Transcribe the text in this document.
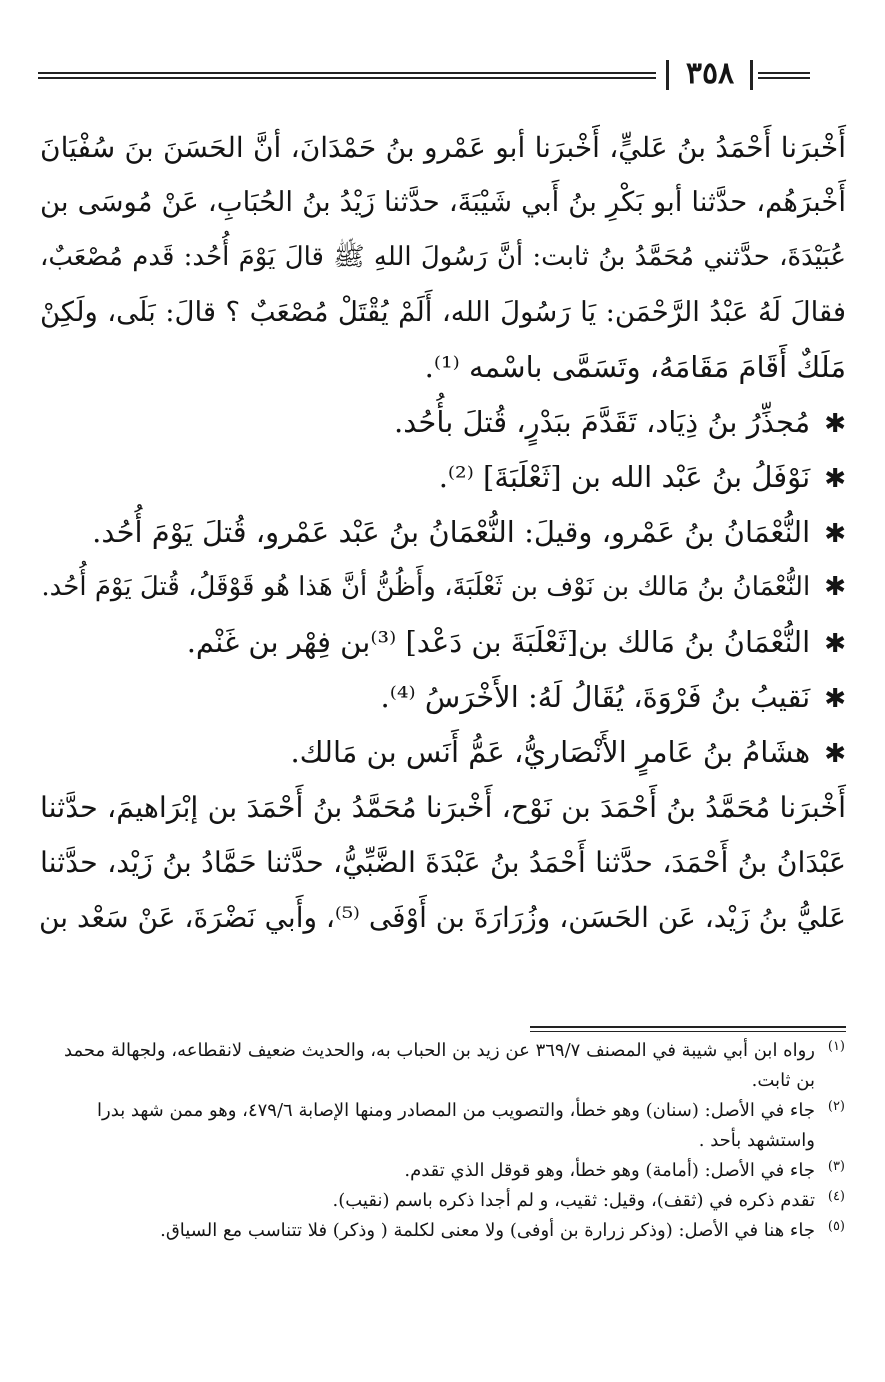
٣٥٨
أَخْبرَنا أَحْمَدُ بنُ عَليٍّ، أَخْبرَنا أبو عَمْرو بنُ حَمْدَانَ، أنَّ الحَسَنَ بنَ سُفْيَانَ
أَخْبرَهُم، حدَّثنا أبو بَكْرِ بنُ أَبي شَيْبَةَ، حدَّثنا زَيْدُ بنُ الحُبَابِ، عَنْ مُوسَى بن
عُبَيْدَةَ، حدَّثني مُحَمَّدُ بنُ ثابت: أنَّ رَسُولَ اللهِ ﷺ قالَ يَوْمَ أُحُد: قَدم مُصْعَبٌ،
فقالَ لَهُ عَبْدُ الرَّحْمَن: يَا رَسُولَ الله، أَلَمْ يُقْتَلْ مُصْعَبٌ ؟ قالَ: بَلَى، ولَكِنْ
مَلَكٌ أَقَامَ مَقَامَهُ، وتَسَمَّى باسْمه ⁽¹⁾.
✱مُجذِّرُ بنُ ذِيَاد، تَقَدَّمَ ببَدْرٍ، قُتلَ بأُحُد.
✱نَوْفَلُ بنُ عَبْد الله بن [ثَعْلَبَةَ] ⁽²⁾.
✱النُّعْمَانُ بنُ عَمْرو، وقيلَ: النُّعْمَانُ بنُ عَبْد عَمْرو، قُتلَ يَوْمَ أُحُد.
✱النُّعْمَانُ بنُ مَالك بن نَوْف بن ثَعْلَبَةَ، وأَظُنُّ أنَّ هَذا هُو قَوْقَلُ، قُتلَ يَوْمَ أُحُد.
✱النُّعْمَانُ بنُ مَالك بن[ثَعْلَبَةَ بن دَعْد] ⁽³⁾بن فِهْر بن غَنْم.
✱نَقيبُ بنُ فَرْوَةَ، يُقَالُ لَهُ: الأَخْرَسُ ⁽⁴⁾.
✱هشَامُ بنُ عَامرٍ الأَنْصَاريُّ، عَمُّ أَنَس بن مَالك.
أَخْبرَنا مُحَمَّدُ بنُ أَحْمَدَ بن نَوْح، أَخْبرَنا مُحَمَّدُ بنُ أَحْمَدَ بن إبْرَاهيمَ، حدَّثنا
عَبْدَانُ بنُ أَحْمَدَ، حدَّثنا أَحْمَدُ بنُ عَبْدَةَ الضَّبِّيُّ، حدَّثنا حَمَّادُ بنُ زَيْد، حدَّثنا
عَليُّ بنُ زَيْد، عَن الحَسَن، وزُرَارَةَ بن أَوْفَى ⁽⁵⁾، وأَبي نَضْرَةَ، عَنْ سَعْد بن
(١)
رواه ابن أبي شيبة في المصنف ٣٦٩/٧ عن زيد بن الحباب به، والحديث ضعيف لانقطاعه، ولجهالة محمد بن ثابت.
(٢)
جاء في الأصل: (سنان) وهو خطأ، والتصويب من المصادر ومنها الإصابة ٤٧٩/٦، وهو ممن شهد بدرا واستشهد بأحد .
(٣)
جاء في الأصل: (أمامة) وهو خطأ، وهو قوقل الذي تقدم.
(٤)
تقدم ذكره في (ثقف)، وقيل: ثقيب، و لم أجدا ذكره باسم (نقيب).
(٥)
جاء هنا في الأصل: (وذكر زرارة بن أوفى) ولا معنى لكلمة ( وذكر) فلا تتناسب مع السياق.
